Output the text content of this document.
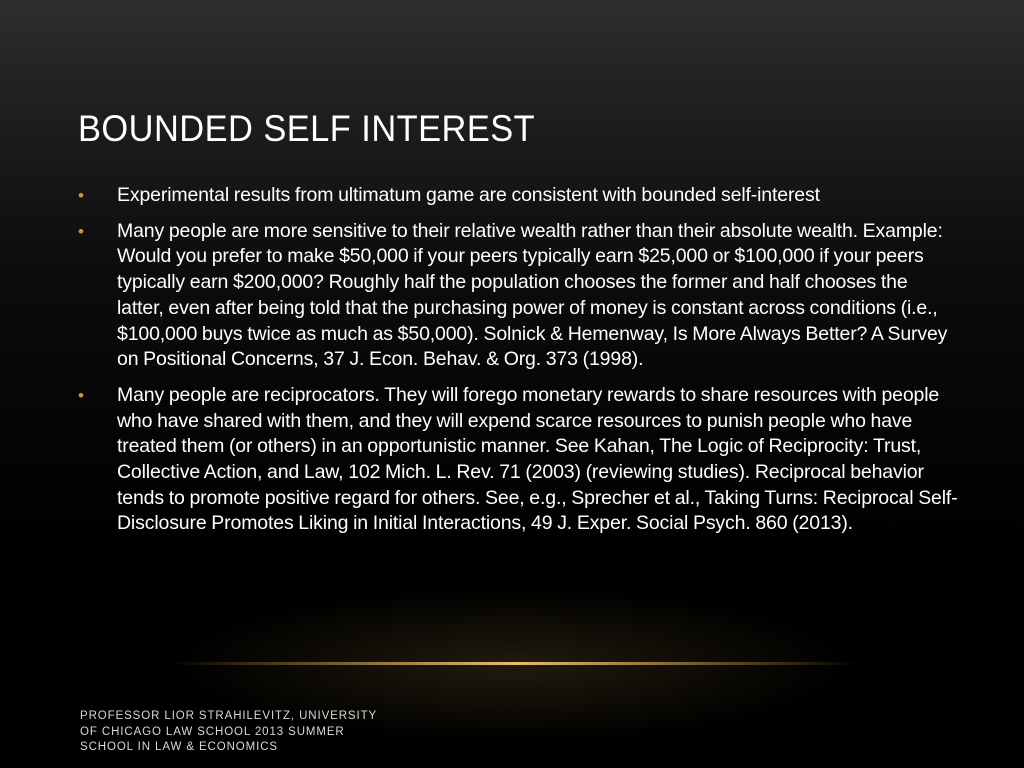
BOUNDED SELF INTEREST
• Experimental results from ultimatum game are consistent with bounded self-interest
• Many people are more sensitive to their relative wealth rather than their absolute wealth. Example: Would you prefer to make $50,000 if your peers typically earn $25,000 or $100,000 if your peers typically earn $200,000? Roughly half the population chooses the former and half chooses the latter, even after being told that the purchasing power of money is constant across conditions (i.e., $100,000 buys twice as much as $50,000). Solnick & Hemenway, Is More Always Better? A Survey on Positional Concerns, 37 J. Econ. Behav. & Org. 373 (1998).
• Many people are reciprocators. They will forego monetary rewards to share resources with people who have shared with them, and they will expend scarce resources to punish people who have treated them (or others) in an opportunistic manner. See Kahan, The Logic of Reciprocity: Trust, Collective Action, and Law, 102 Mich. L. Rev. 71 (2003) (reviewing studies). Reciprocal behavior tends to promote positive regard for others. See, e.g., Sprecher et al., Taking Turns: Reciprocal Self-Disclosure Promotes Liking in Initial Interactions, 49 J. Exper. Social Psych. 860 (2013).

PROFESSOR LIOR STRAHILEVITZ, UNIVERSITY OF CHICAGO LAW SCHOOL 2013 SUMMER SCHOOL IN LAW & ECONOMICS
